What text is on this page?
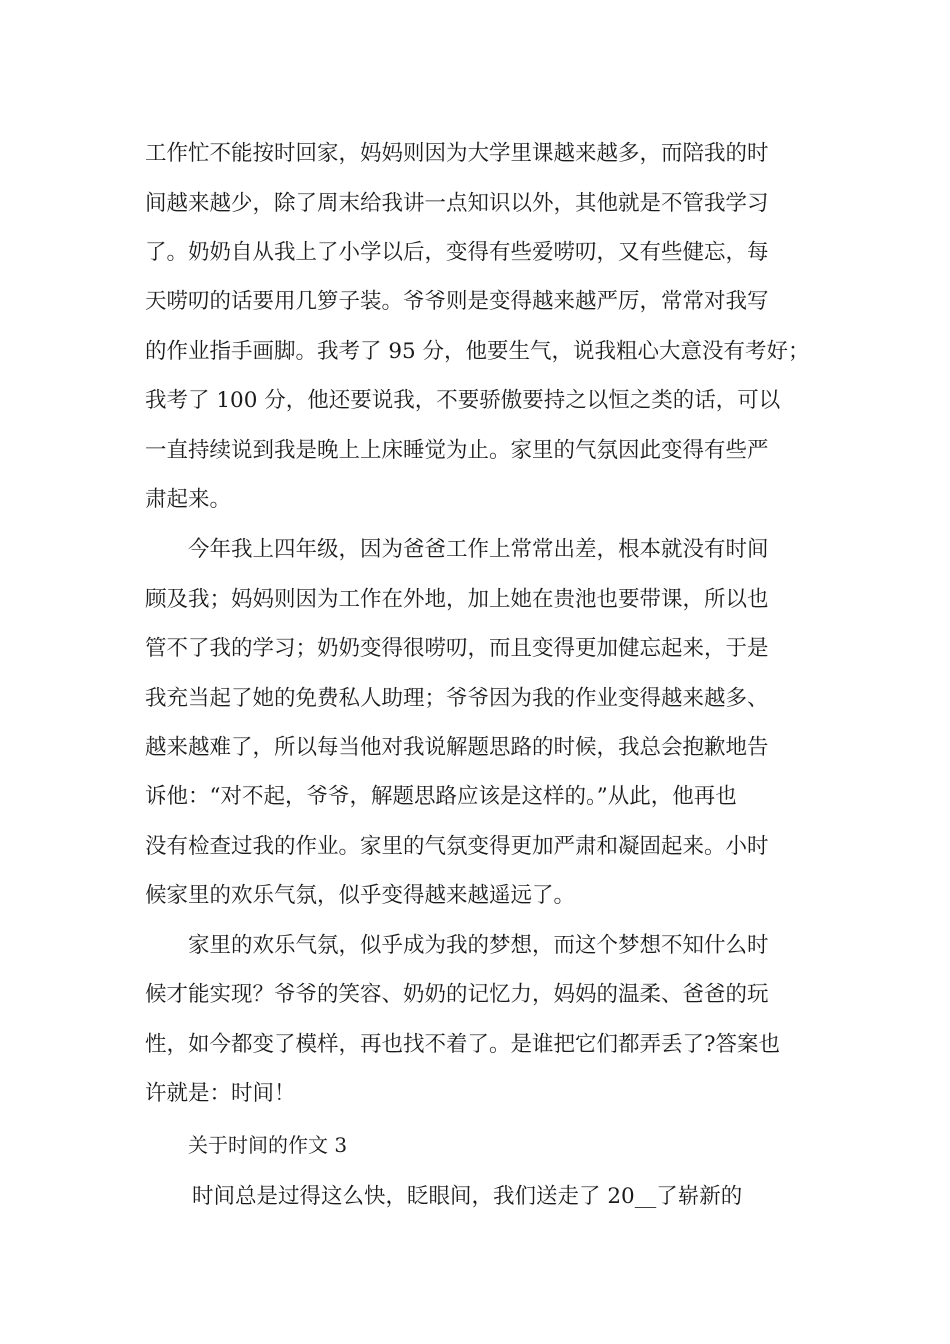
工作忙不能按时回家，妈妈则因为大学里课越来越多，而陪我的时
间越来越少，除了周末给我讲一点知识以外，其他就是不管我学习
了。奶奶自从我上了小学以后，变得有些爱唠叨，又有些健忘，每
天唠叨的话要用几箩子装。爷爷则是变得越来越严厉，常常对我写
的作业指手画脚。我考了 95 分，他要生气，说我粗心大意没有考好；
我考了 100 分，他还要说我，不要骄傲要持之以恒之类的话，可以
一直持续说到我是晚上上床睡觉为止。家里的气氛因此变得有些严
肃起来。
今年我上四年级，因为爸爸工作上常常出差，根本就没有时间
顾及我；妈妈则因为工作在外地，加上她在贵池也要带课，所以也
管不了我的学习；奶奶变得很唠叨，而且变得更加健忘起来，于是
我充当起了她的免费私人助理；爷爷因为我的作业变得越来越多、
越来越难了，所以每当他对我说解题思路的时候，我总会抱歉地告
诉他：“对不起，爷爷，解题思路应该是这样的。”从此，他再也
没有检查过我的作业。家里的气氛变得更加严肃和凝固起来。小时
候家里的欢乐气氛，似乎变得越来越遥远了。
家里的欢乐气氛，似乎成为我的梦想，而这个梦想不知什么时
候才能实现？爷爷的笑容、奶奶的记忆力，妈妈的温柔、爸爸的玩
性，如今都变了模样，再也找不着了。是谁把它们都弄丢了?答案也
许就是：时间！
关于时间的作文 3
时间总是过得这么快，眨眼间，我们送走了 20__了崭新的
